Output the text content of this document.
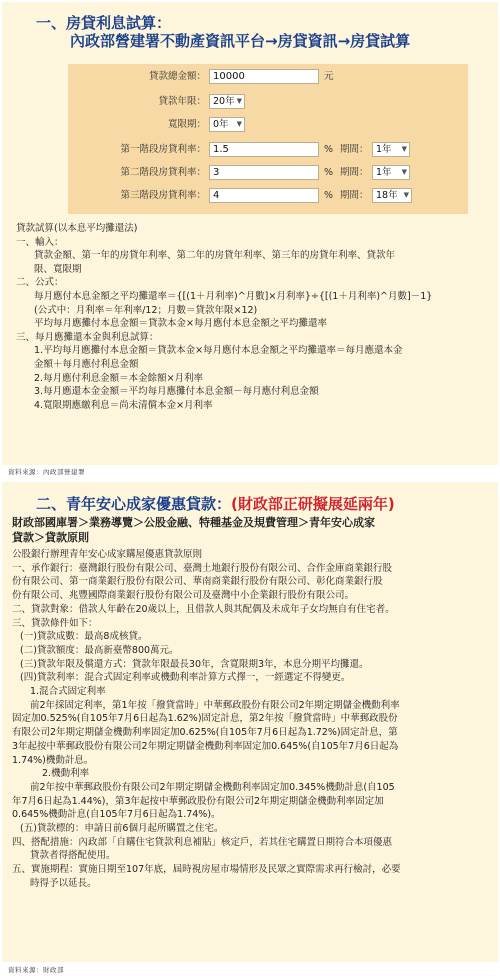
一、房貸利息試算：
內政部營建署不動產資訊平台→房貸資訊→房貸試算
貸款總金額： 10000	元
貸款年限： 20年 ▼
寬限期： 0年 ▼
第一階段房貸利率： 1.5	% 期間： 1年 ▼
第二階段房貸利率： 3	% 期間： 1年 ▼
第三階段房貸利率： 4	% 期間： 18年 ▼

貸款試算(以本息平均攤還法)

一、輸入：

貸款金額、第一年的房貸年利率、第二年的房貸年利率、第三年的房貸年利率、貸款年

限、寬限期

二、公式：

每月應付本息金額之平均攤還率＝{[(1＋月利率)^月數]×月利率}÷{[(1＋月利率)^月數]－1}

(公式中：月利率＝年利率/12；月數＝貸款年限×12)

平均每月應攤付本息金額＝貸款本金×每月應付本息金額之平均攤還率

三、每月應攤還本金與利息試算：

1.平均每月應攤付本息金額＝貸款本金×每月應付本息金額之平均攤還率＝每月應還本金

金額＋每月應付利息金額

2.每月應付利息金額＝本金餘額×月利率

3.每月應還本金金額＝平均每月應攤付本息金額－每月應付利息金額

4.寬限期應繳利息＝尚未清償本金×月利率

資料來源：內政部營建署
二、青年安心成家優惠貸款：(財政部正研擬展延兩年)

財政部國庫署＞業務導覽＞公股金融、特種基金及規費管理＞青年安心成家

貸款＞貸款原則

公股銀行辦理青年安心成家購屋優惠貸款原則

一、承作銀行：臺灣銀行股份有限公司、臺灣土地銀行股份有限公司、合作金庫商業銀行股

份有限公司、第一商業銀行股份有限公司、華南商業銀行股份有限公司、彰化商業銀行股

份有限公司、兆豐國際商業銀行股份有限公司及臺灣中小企業銀行股份有限公司。

二、貸款對象：借款人年齡在20歲以上，且借款人與其配偶及未成年子女均無自有住宅者。

三、貸款條件如下：

(一)貸款成數：最高8成核貸。

(二)貸款額度：最高新臺幣800萬元。

(三)貸款年限及償還方式：貸款年限最長30年，含寬限期3年，本息分期平均攤還。

(四)貸款利率：混合式固定利率或機動利率計算方式擇一，一經選定不得變更。

1.混合式固定利率

前2年採固定利率，第1年按「撥貸當時」中華郵政股份有限公司2年期定期儲金機動利率

固定加0.525%(自105年7月6日起為1.62%)固定計息，第2年按「撥貸當時」中華郵政股份

有限公司2年期定期儲金機動利率固定加0.625%(自105年7月6日起為1.72%)固定計息，第

3年起按中華郵政股份有限公司2年期定期儲金機動利率固定加0.645%(自105年7月6日起為

1.74%)機動計息。

2.機動利率

前2年按中華郵政股份有限公司2年期定期儲金機動利率固定加0.345%機動計息(自105

年7月6日起為1.44%)，第3年起按中華郵政股份有限公司2年期定期儲金機動利率固定加

0.645%機動計息(自105年7月6日起為1.74%)。

(五)貸款標的：申請日前6個月起所購置之住宅。

四、搭配措施：內政部「自購住宅貸款利息補貼」核定戶，若其住宅購置日期符合本項優惠

貸款者得搭配使用。

五、實施期程：實施日期至107年底，屆時視房屋市場情形及民眾之實際需求再行檢討，必要

時得予以延長。

資料來源：財政部
